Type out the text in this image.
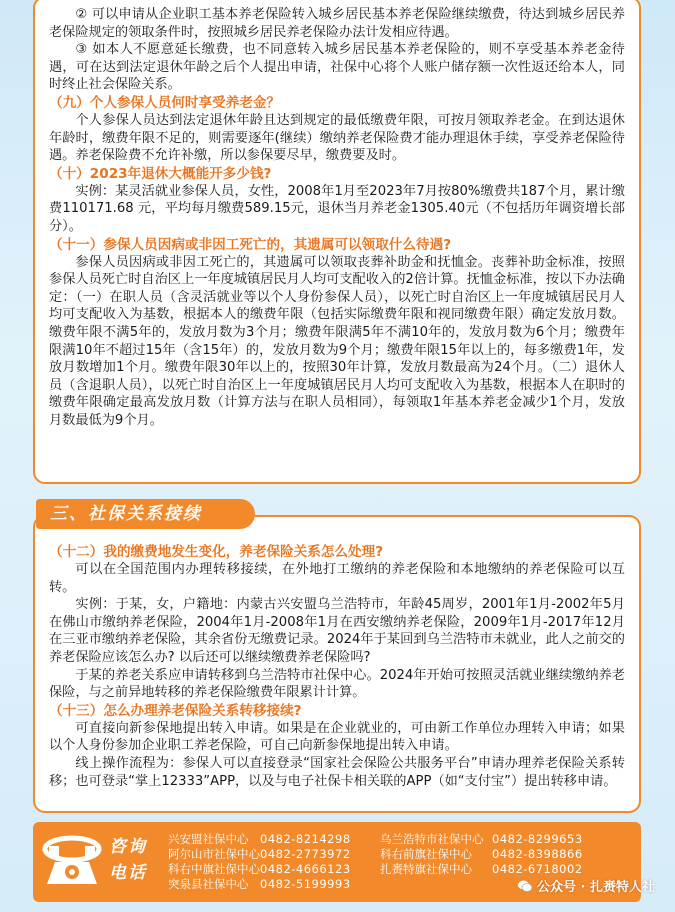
② 可以申请从企业职工基本养老保险转入城乡居民基本养老保险继续缴费，待达到城乡居民养老保险规定的领取条件时，按照城乡居民养老保险办法计发相应待遇。

③ 如本人不愿意延长缴费，也不同意转入城乡居民基本养老保险的，则不享受基本养老金待遇，可在达到法定退休年龄之后个人提出申请，社保中心将个人账户储存额一次性返还给本人，同时终止社会保险关系。

（九）个人参保人员何时享受养老金？

个人参保人员达到法定退休年龄且达到规定的最低缴费年限，可按月领取养老金。在到达退休年龄时，缴费年限不足的，则需要逐年(继续）缴纳养老保险费才能办理退休手续，享受养老保险待遇。养老保险费不允许补缴，所以参保要尽早，缴费要及时。

（十）2023年退休大概能开多少钱?

实例：某灵活就业参保人员，女性，2008年1月至2023年7月按80%缴费共187个月，累计缴费110171.68 元，平均每月缴费589.15元，退休当月养老金1305.40元（不包括历年调资增长部分）。

（十一）参保人员因病或非因工死亡的，其遗属可以领取什么待遇?

参保人员因病或非因工死亡的，其遗属可以领取丧葬补助金和抚恤金。丧葬补助金标准，按照参保人员死亡时自治区上一年度城镇居民月人均可支配收入的2倍计算。抚恤金标准，按以下办法确定：（一）在职人员（含灵活就业等以个人身份参保人员），以死亡时自治区上一年度城镇居民月人均可支配收入为基数，根据本人的缴费年限（包括实际缴费年限和视同缴费年限）确定发放月数。缴费年限不满5年的，发放月数为3个月；缴费年限满5年不满10年的，发放月数为6个月；缴费年限满10年不超过15年（含15年）的，发放月数为9个月；缴费年限15年以上的，每多缴费1年，发放月数增加1个月。缴费年限30年以上的，按照30年计算，发放月数最高为24个月。（二）退休人员（含退职人员），以死亡时自治区上一年度城镇居民月人均可支配收入为基数，根据本人在职时的缴费年限确定最高发放月数（计算方法与在职人员相同），每领取1年基本养老金减少1个月，发放月数最低为9个月。

三、社保关系接续

（十二）我的缴费地发生变化，养老保险关系怎么处理?

可以在全国范围内办理转移接续，在外地打工缴纳的养老保险和本地缴纳的养老保险可以互转。

实例：于某，女，户籍地：内蒙古兴安盟乌兰浩特市，年龄45周岁，2001年1月-2002年5月在佛山市缴纳养老保险，2004年1月-2008年1月在西安缴纳养老保险，2009年1月-2017年12月在三亚市缴纳养老保险，其余省份无缴费记录。2024年于某回到乌兰浩特市未就业，此人之前交的养老保险应该怎么办? 以后还可以继续缴费养老保险吗?

于某的养老关系应申请转移到乌兰浩特市社保中心。2024年开始可按照灵活就业继续缴纳养老保险，与之前异地转移的养老保险缴费年限累计计算。

（十三）怎么办理养老保险关系转移接续?

可直接向新参保地提出转入申请。如果是在企业就业的，可由新工作单位办理转入申请；如果以个人身份参加企业职工养老保险，可自己向新参保地提出转入申请。

线上操作流程为：参保人可以直接登录“国家社会保险公共服务平台”申请办理养老保险关系转移；也可登录“掌上12333”APP，以及与电子社保卡相关联的APP（如“支付宝”）提出转移申请。

咨询
电话
兴安盟社保中心	0482-8214298	乌兰浩特市社保中心 0482-8299653
阿尔山市社保中心 0482-2773972	科右前旗社保中心	0482-8398866
科右中旗社保中心 0482-4666123	扎赉特旗社保中心	0482-6718002
突泉县社保中心	0482-5199993	公众号 · 扎赉特人社
